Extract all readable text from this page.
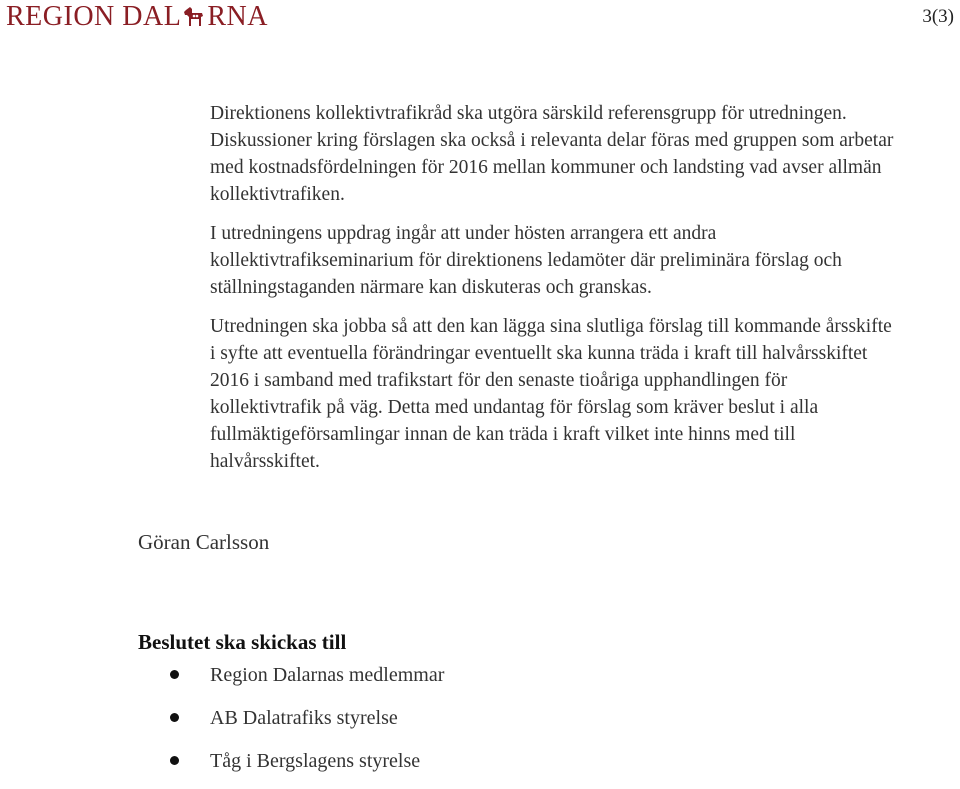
REGION DAL RNA	3(3)

Direktionens kollektivtrafikråd ska utgöra särskild referensgrupp för utredningen. Diskussioner kring förslagen ska också i relevanta delar föras med gruppen som arbetar med kostnadsfördelningen för 2016 mellan kommuner och landsting vad avser allmän kollektivtrafiken.

I utredningens uppdrag ingår att under hösten arrangera ett andra kollektivtrafikseminarium för direktionens ledamöter där preliminära förslag och ställningstaganden närmare kan diskuteras och granskas.

Utredningen ska jobba så att den kan lägga sina slutliga förslag till kommande årsskifte i syfte att eventuella förändringar eventuellt ska kunna träda i kraft till halvårsskiftet 2016 i samband med trafikstart för den senaste tioåriga upphandlingen för kollektivtrafik på väg. Detta med undantag för förslag som kräver beslut i alla fullmäktigeförsamlingar innan de kan träda i kraft vilket inte hinns med till halvårsskiftet.

Göran Carlsson
Beslutet ska skickas till
Region Dalarnas medlemmar
AB Dalatrafiks styrelse
Tåg i Bergslagens styrelse
